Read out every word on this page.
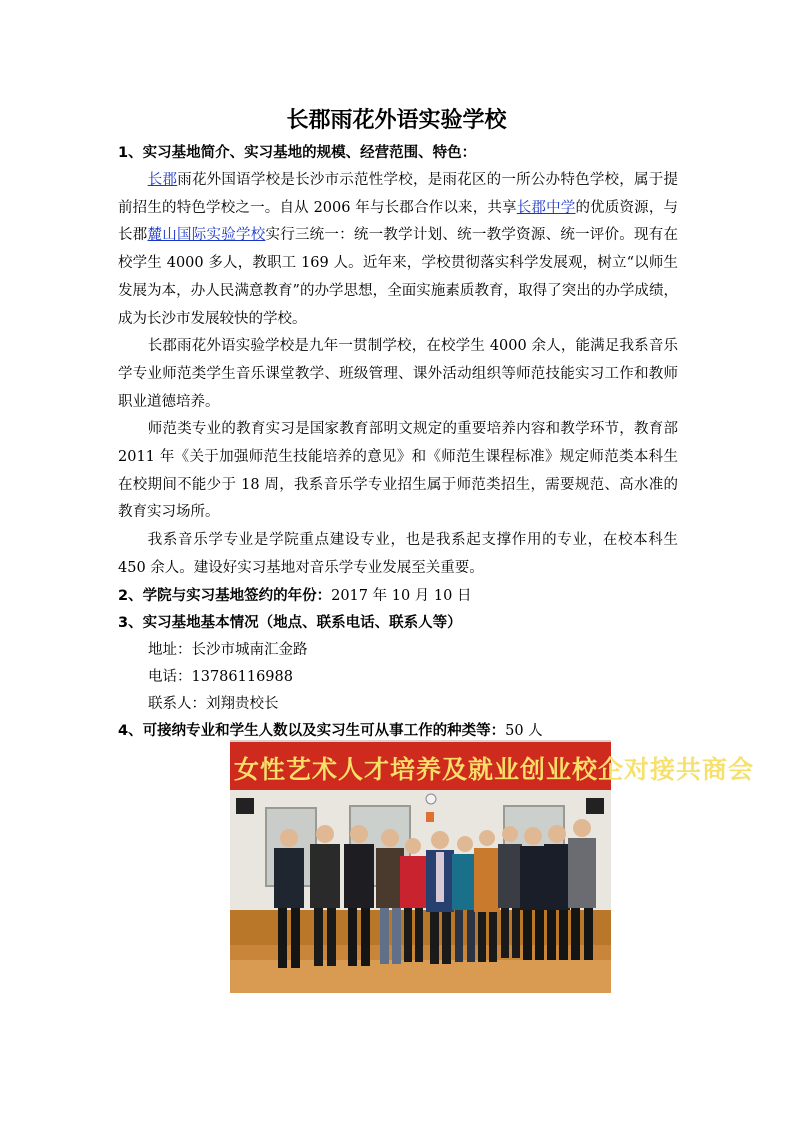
长郡雨花外语实验学校

1、实习基地简介、实习基地的规模、经营范围、特色：

长郡雨花外国语学校是长沙市示范性学校，是雨花区的一所公办特色学校，属于提前招生的特色学校之一。自从 2006 年与长郡合作以来，共享长郡中学的优质资源，与长郡麓山国际实验学校实行三统一：统一教学计划、统一教学资源、统一评价。现有在校学生 4000 多人，教职工 169 人。近年来，学校贯彻落实科学发展观，树立“以师生发展为本，办人民满意教育”的办学思想，全面实施素质教育，取得了突出的办学成绩，成为长沙市发展较快的学校。

长郡雨花外语实验学校是九年一贯制学校，在校学生 4000 余人，能满足我系音乐学专业师范类学生音乐课堂教学、班级管理、课外活动组织等师范技能实习工作和教师职业道德培养。

师范类专业的教育实习是国家教育部明文规定的重要培养内容和教学环节，教育部 2011 年《关于加强师范生技能培养的意见》和《师范生课程标准》规定师范类本科生在校期间不能少于 18 周，我系音乐学专业招生属于师范类招生，需要规范、高水准的教育实习场所。

我系音乐学专业是学院重点建设专业，也是我系起支撑作用的专业，在校本科生 450 余人。建设好实习基地对音乐学专业发展至关重要。

2、学院与实习基地签约的年份：2017 年 10 月 10 日

3、实习基地基本情况（地点、联系电话、联系人等）

地址：长沙市城南汇金路

电话：13786116988

联系人：刘翔贵校长

4、可接纳专业和学生人数以及实习生可从事工作的种类等：50 人

女性艺术人才培养及就业创业校企对接共商会
